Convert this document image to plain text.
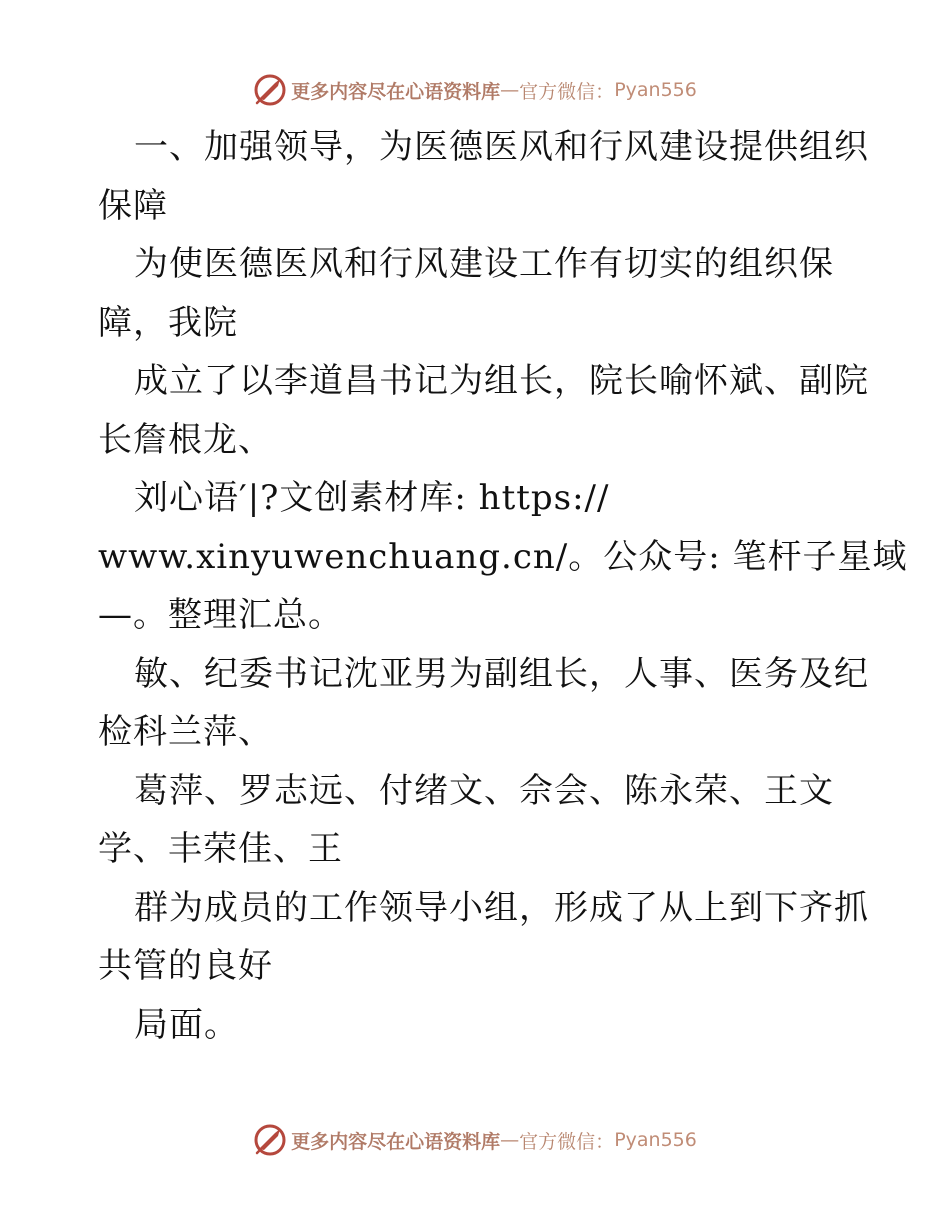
更多内容尽在心语资料库 — 官方微信： Pyan556
一、加强领导，为医德医风和行风建设提供组织
保障
为使医德医风和行风建设工作有切实的组织保
障，我院
成立了以李道昌书记为组长，院长喻怀斌、副院
长詹根龙、
刘心语′|?文创素材库: https://
www.xinyuwenchuang.cn/。公众号: 笔杆子星域
—。整理汇总。
敏、纪委书记沈亚男为副组长，人事、医务及纪
检科兰萍、
葛萍、罗志远、付绪文、佘会、陈永荣、王文
学、丰荣佳、王
群为成员的工作领导小组，形成了从上到下齐抓
共管的良好
局面。
更多内容尽在心语资料库 — 官方微信： Pyan556
